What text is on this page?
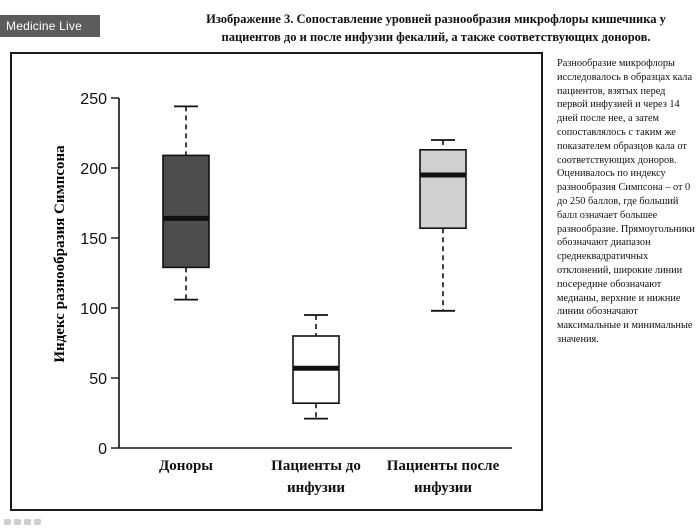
Medicine Live	Изображение 3. Сопоставление уровней разнообразия микрофлоры кишечника у пациентов до и после инфузии фекалий, а также соответствующих доноров.
Индекс разнообразия Симпсона
0
50
100
150
200
250
Доноры	Пациенты до
инфузии
Пациенты после
инфузии
Разнообразие микрофлоры исследовалось в образцах кала пациентов, взятых перед первой инфузией и через 14 дней после нее, а затем сопоставлялось с таким же показателем образцов кала от соответствующих доноров. Оценивалось по индексу разнообразия Симпсона – от 0 до 250 баллов, где больший балл означает большее разнообразие. Прямоугольники обозначают диапазон среднеквадратичных отклонений, широкие линии посередине обозначают медианы, верхние и нижние линии обозначают максимальные и минимальные значения.
